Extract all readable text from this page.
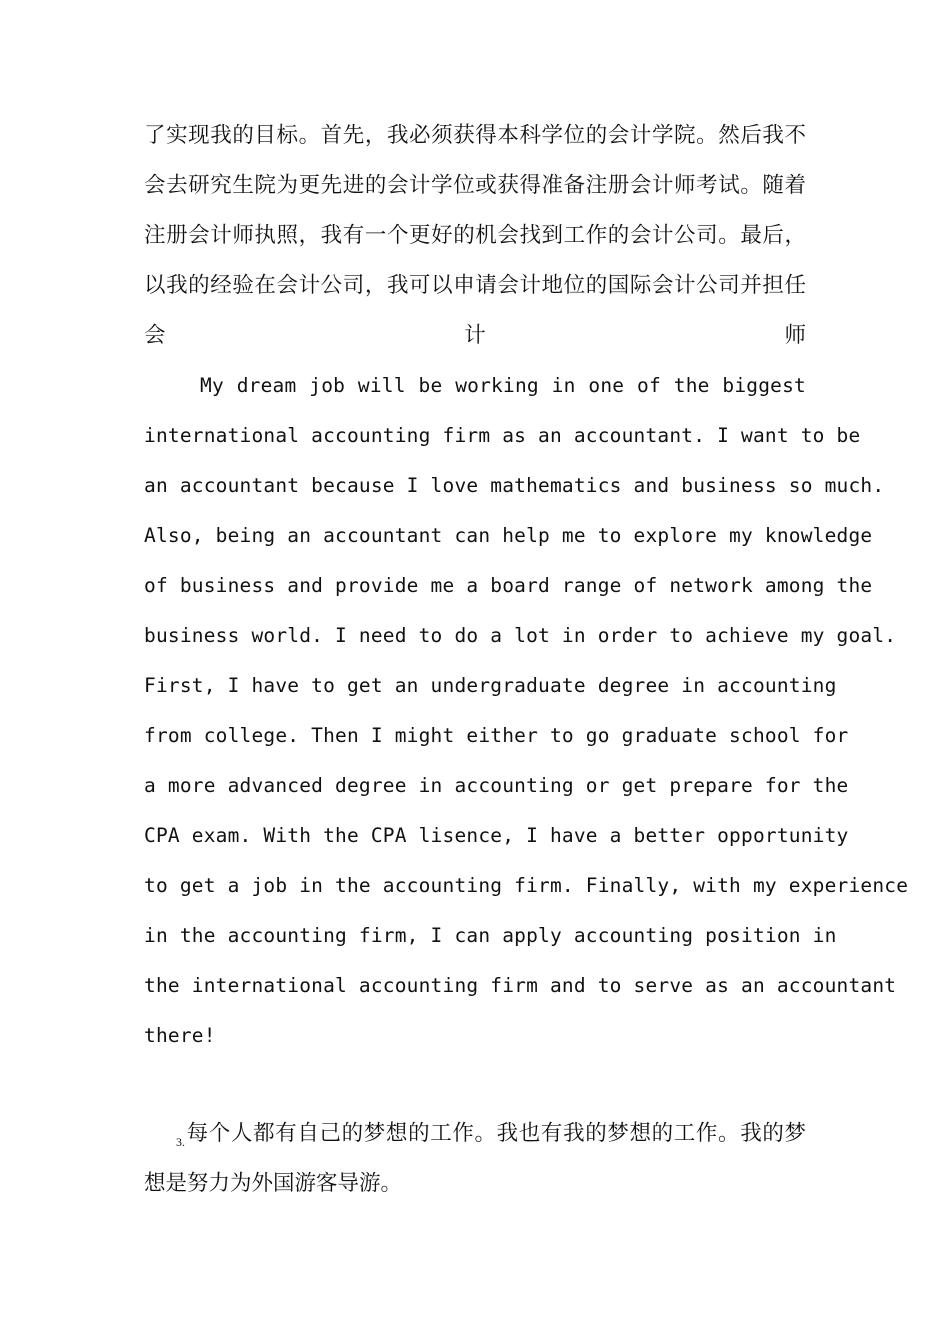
了实现我的目标。首先，我必须获得本科学位的会计学院。然后我不
会去研究生院为更先进的会计学位或获得准备注册会计师考试。随着
注册会计师执照，我有一个更好的机会找到工作的会计公司。最后，
以我的经验在会计公司，我可以申请会计地位的国际会计公司并担任
会	计	师
My dream job will be working in one of the biggest
international accounting firm as an accountant. I want to be
an accountant because I love mathematics and business so much.
Also, being an accountant can help me to explore my knowledge
of business and provide me a board range of network among the
business world. I need to do a lot in order to achieve my goal.
First, I have to get an undergraduate degree in accounting
from college. Then I might either to go graduate school for
a more advanced degree in accounting or get prepare for the
CPA exam. With the CPA lisence, I have a better opportunity
to get a job in the accounting firm. Finally, with my experience
in the accounting firm, I can apply accounting position in
the international accounting firm and to serve as an accountant
there!
$_{3.}$每个人都有自己的梦想的工作。我也有我的梦想的工作。我的梦
想是努力为外国游客导游。
